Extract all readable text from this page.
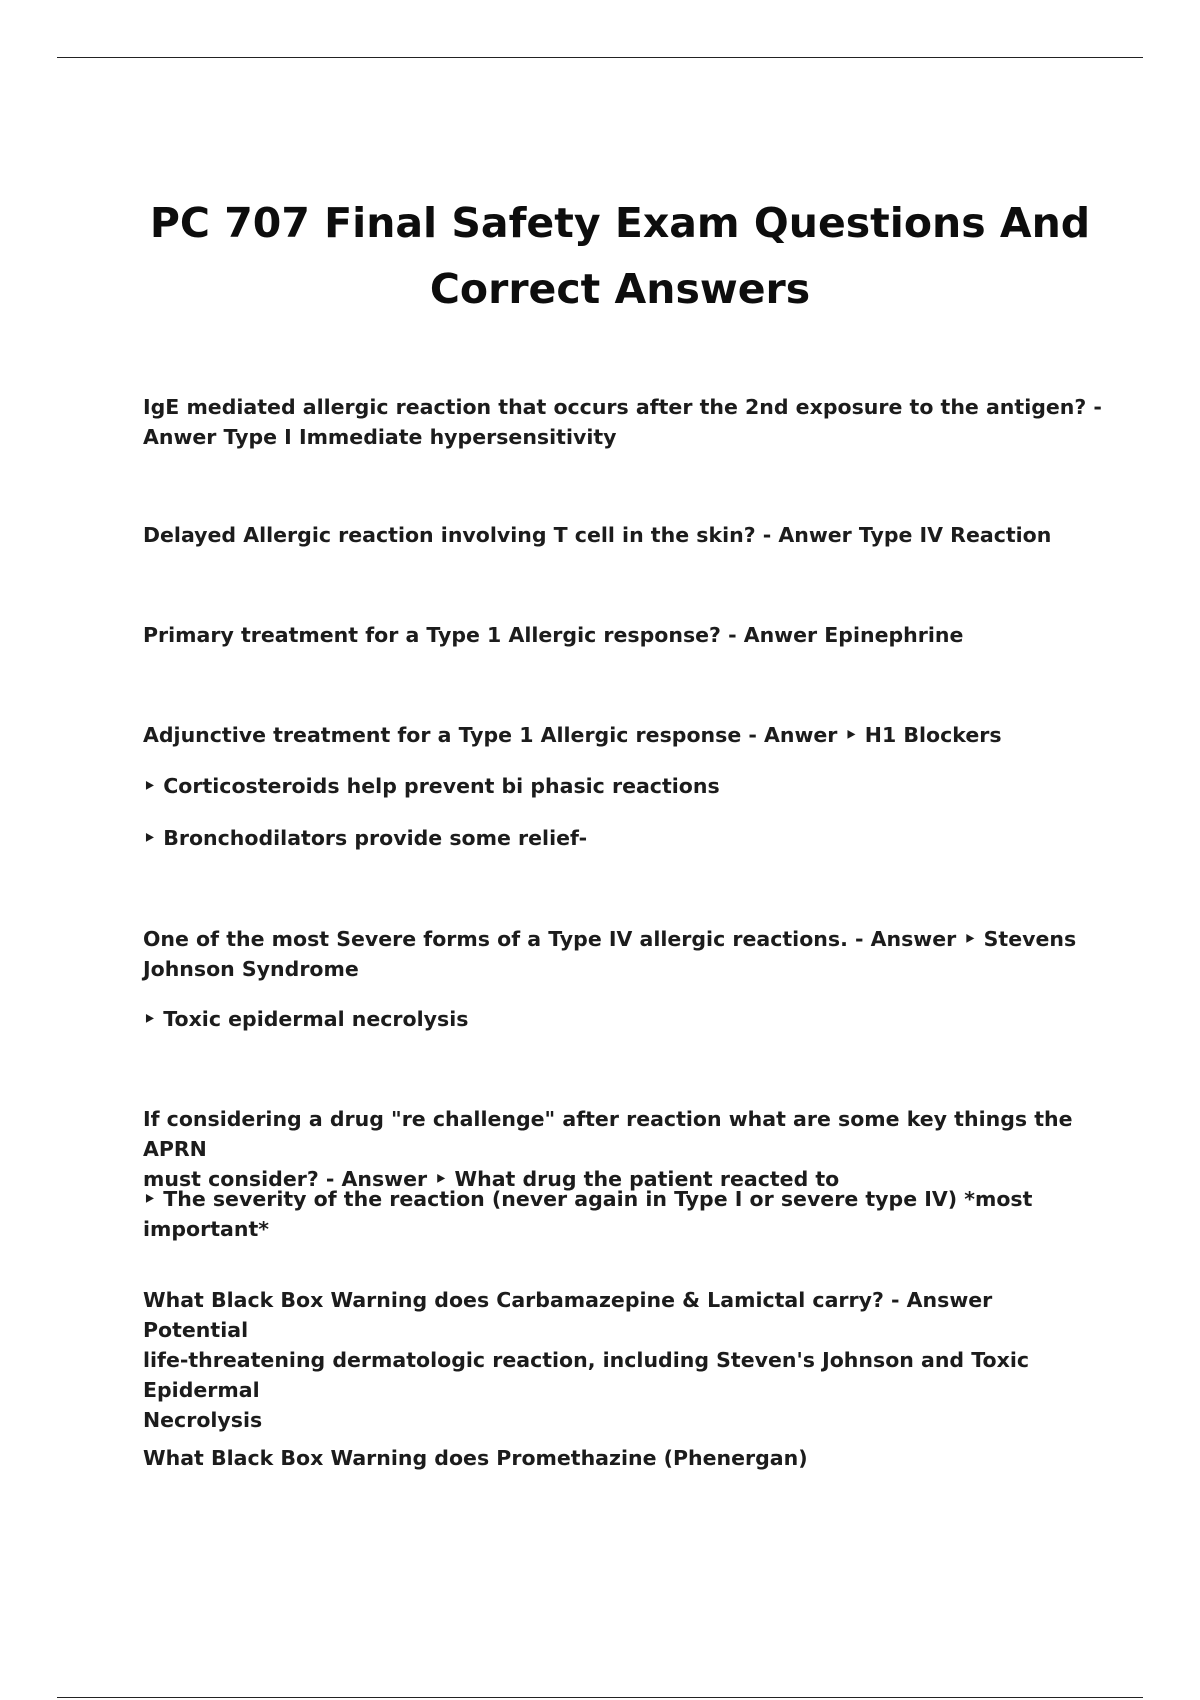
PC 707 Final Safety Exam Questions And
Correct Answers

IgE mediated allergic reaction that occurs after the 2nd exposure to the antigen? -
Anwer Type I Immediate hypersensitivity

Delayed Allergic reaction involving T cell in the skin? - Anwer Type IV Reaction

Primary treatment for a Type 1 Allergic response? - Anwer Epinephrine

Adjunctive treatment for a Type 1 Allergic response - Anwer ‣ H1 Blockers

‣ Corticosteroids help prevent bi phasic reactions

‣ Bronchodilators provide some relief-

One of the most Severe forms of a Type IV allergic reactions. - Answer ‣ Stevens
Johnson Syndrome

‣ Toxic epidermal necrolysis

If considering a drug "re challenge" after reaction what are some key things the APRN
must consider? - Answer ‣ What drug the patient reacted to

‣ The severity of the reaction (never again in Type I or severe type IV) *most important*

What Black Box Warning does Carbamazepine & Lamictal carry? - Answer Potential
life-threatening dermatologic reaction, including Steven's Johnson and Toxic Epidermal
Necrolysis

What Black Box Warning does Promethazine (Phenergan)
